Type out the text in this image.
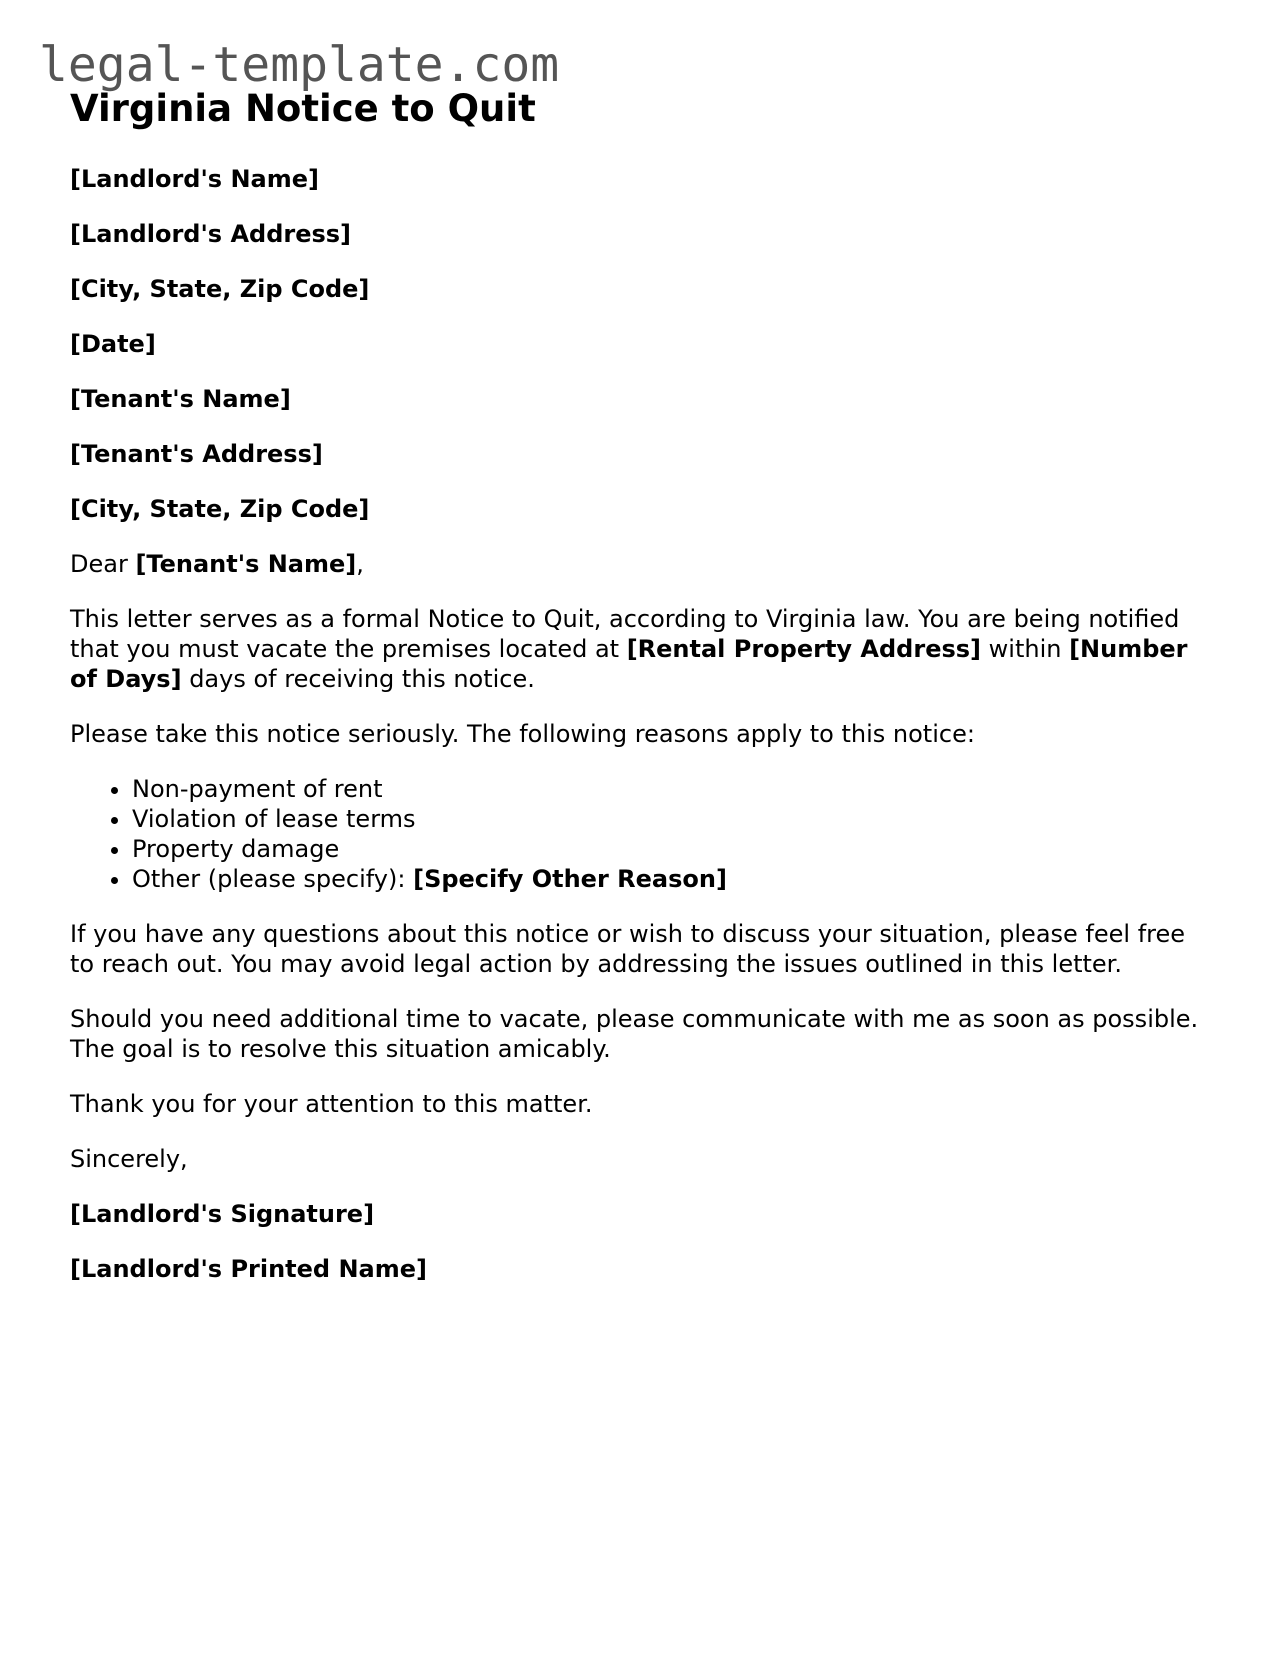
legal-template.com
Virginia Notice to Quit

[Landlord's Name]

[Landlord's Address]

[City, State, Zip Code]

[Date]

[Tenant's Name]

[Tenant's Address]

[City, State, Zip Code]

Dear [Tenant's Name],

This letter serves as a formal Notice to Quit, according to Virginia law. You are being notified that you must vacate the premises located at [Rental Property Address] within [Number of Days] days of receiving this notice.

Please take this notice seriously. The following reasons apply to this notice:

• Non-payment of rent
• Violation of lease terms
• Property damage
• Other (please specify): [Specify Other Reason]

If you have any questions about this notice or wish to discuss your situation, please feel free to reach out. You may avoid legal action by addressing the issues outlined in this letter.

Should you need additional time to vacate, please communicate with me as soon as possible. The goal is to resolve this situation amicably.

Thank you for your attention to this matter.

Sincerely,

[Landlord's Signature]

[Landlord's Printed Name]
